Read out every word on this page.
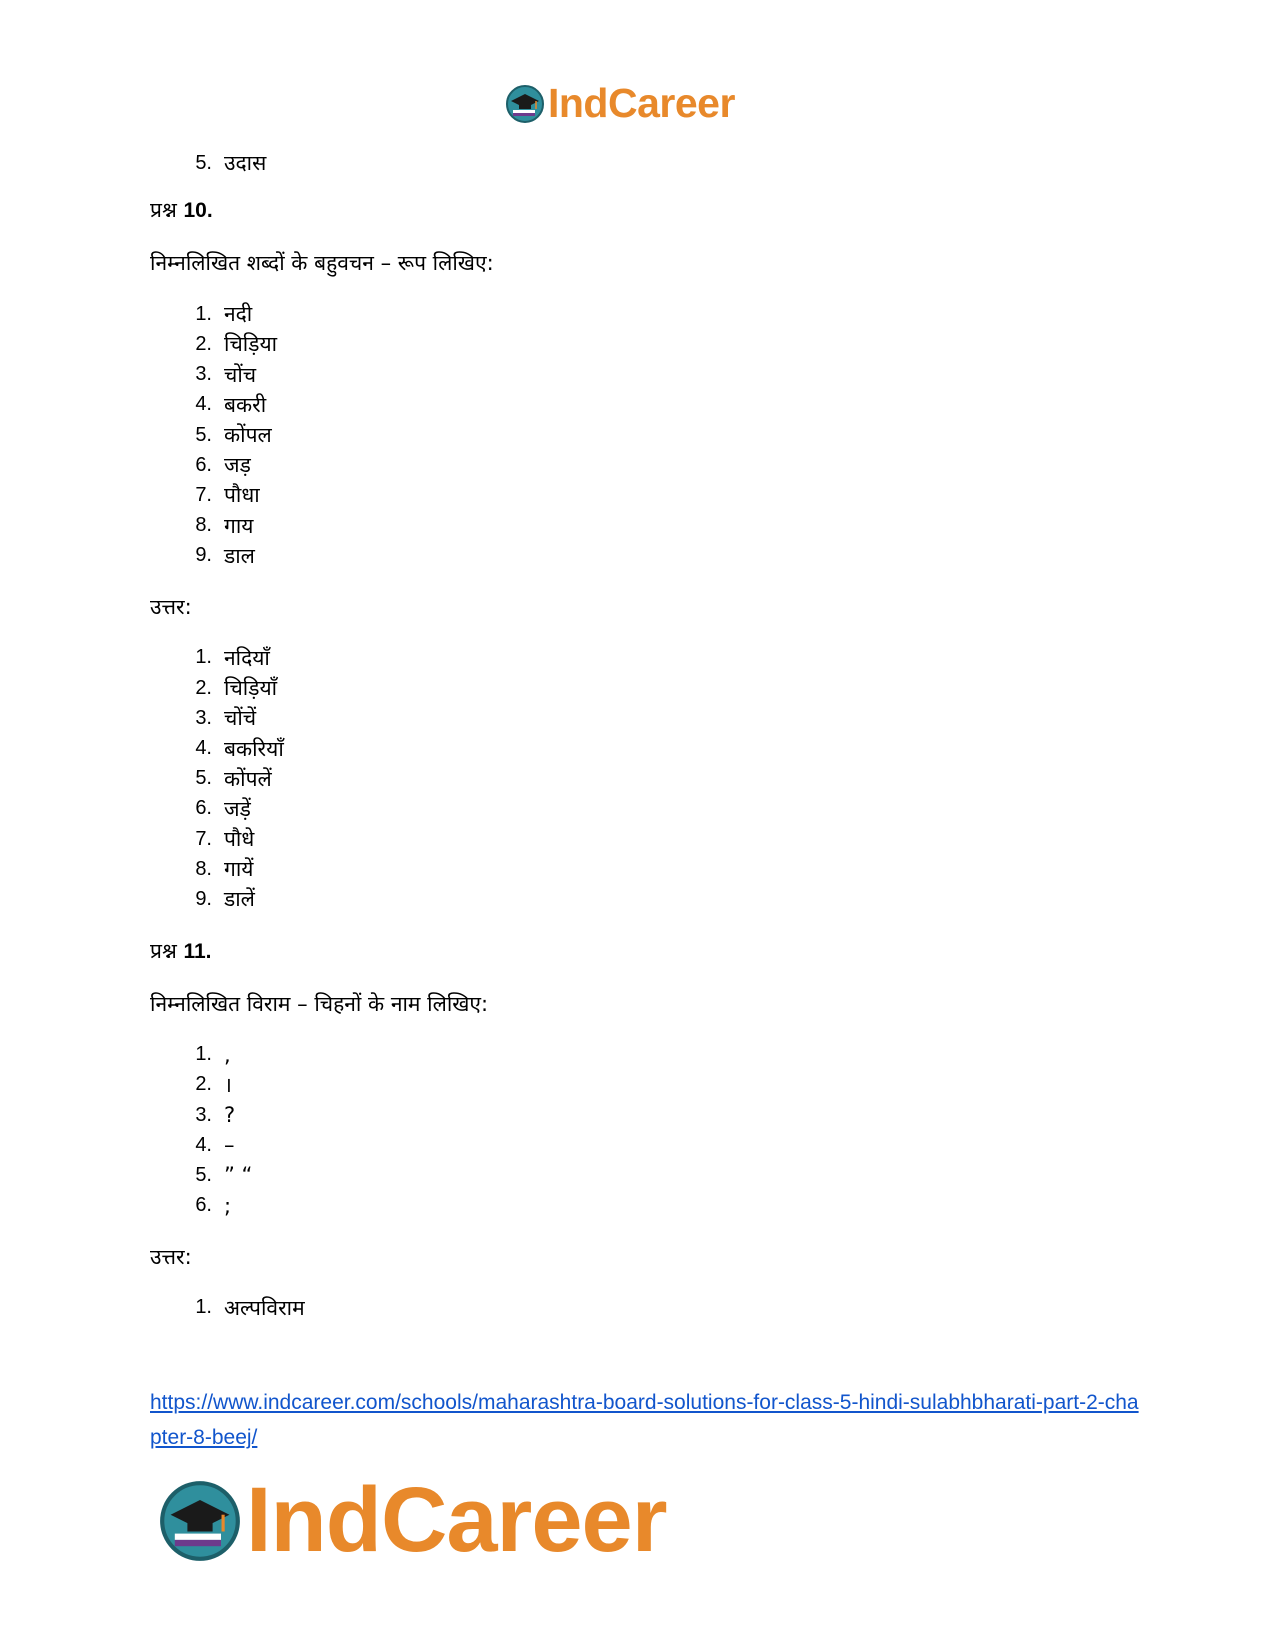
IndCareer
5. उदास

प्रश्न 10.

निम्नलिखित शब्दों के बहुवचन – रूप लिखिए:

1. नदी
2. चिड़िया
3. चोंच
4. बकरी
5. कोंपल
6. जड़
7. पौधा
8. गाय
9. डाल

उत्तर:

1. नदियाँ
2. चिड़ियाँ
3. चोंचें
4. बकरियाँ
5. कोंपलें
6. जड़ें
7. पौधे
8. गायें
9. डालें

प्रश्न 11.

निम्नलिखित विराम – चिहनों के नाम लिखिए:

1. ,
2. ।
3. ?
4. –
5. ” “
6. ;

उत्तर:

1. अल्पविराम
https://www.indcareer.com/schools/maharashtra-board-solutions-for-class-5-hindi-sulabhbharati-part-2-chapter-8-beej/
IndCareer
